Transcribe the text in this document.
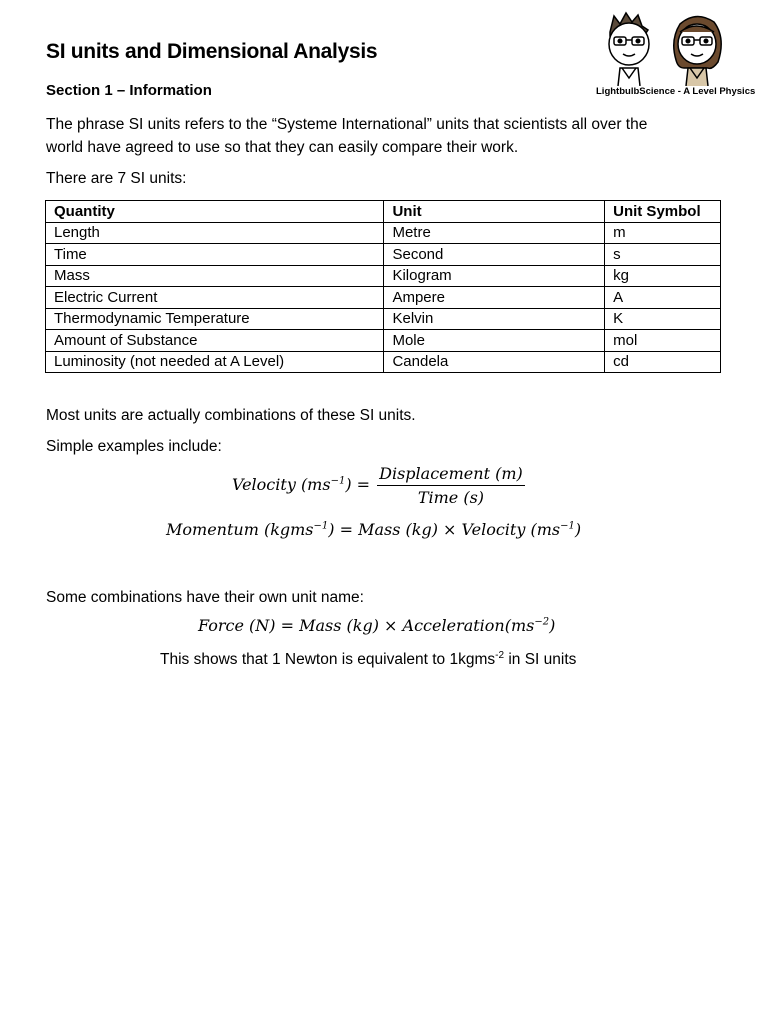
SI units and Dimensional Analysis
LightbulbScience - A Level Physics
Section 1 – Information
The phrase SI units refers to the “Systeme International” units that scientists all over the
world have agreed to use so that they can easily compare their work.
There are 7 SI units:
Quantity	Unit	Unit Symbol
Length	Metre	m
Time	Second	s
Mass	Kilogram	kg
Electric Current	Ampere	A
Thermodynamic Temperature	Kelvin	K
Amount of Substance	Mole	mol
Luminosity (not needed at A Level)	Candela	cd
Most units are actually combinations of these SI units.
Simple examples include:
Velocity $(ms^{-1}) = \frac{\text{Displacement (m)}}{\text{Time (s)}}$
Momentum (kgms$^{-1}$) = Mass (kg) × Velocity $(ms^{-1})$
Some combinations have their own unit name:
Force (N) = Mass $(kg) \times Acceleration(ms^{-2})$
This shows that 1 Newton is equivalent to 1kgms$^{-2}$ in SI units
